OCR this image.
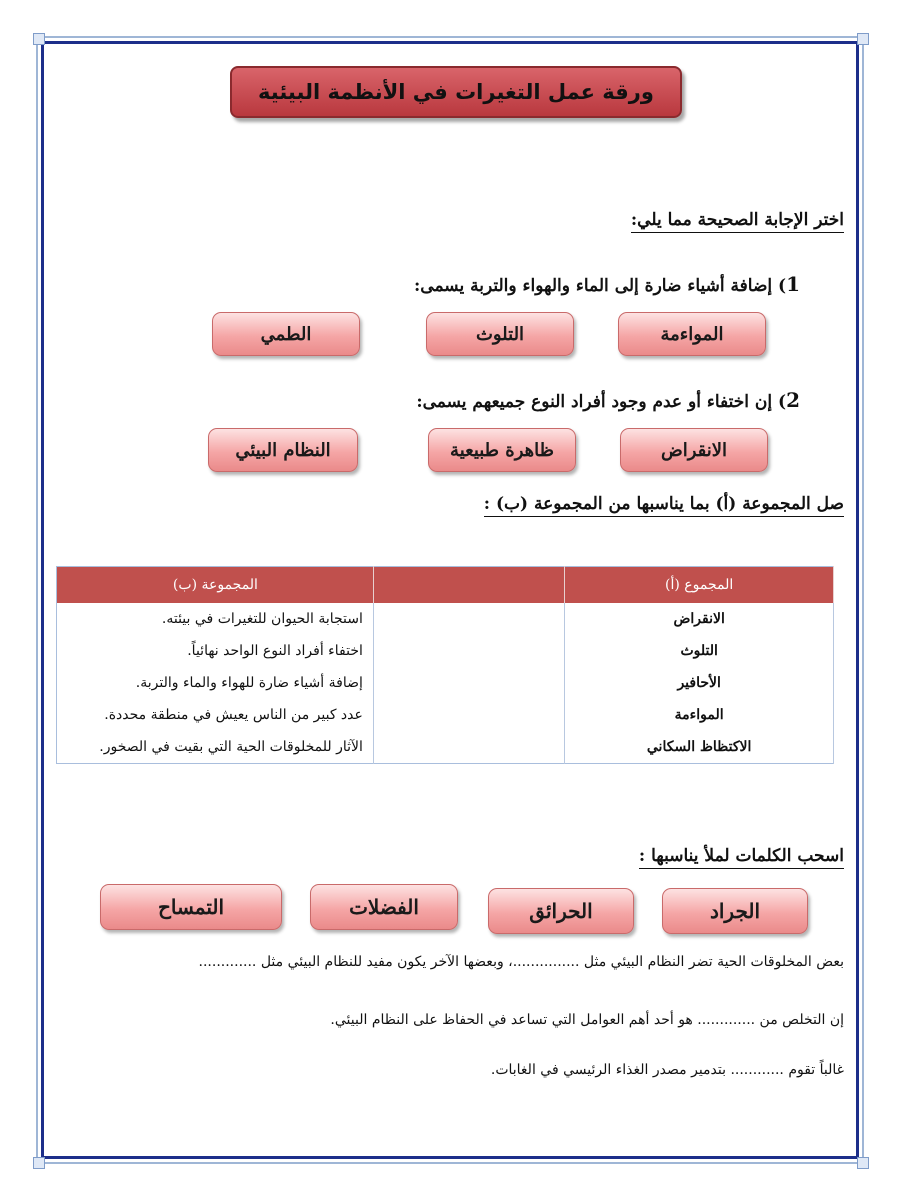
ورقة عمل التغيرات في الأنظمة البيئية
اختر الإجابة الصحيحة مما يلي:
1) إضافة أشياء ضارة إلى الماء والهواء والتربة يسمى:
المواءمة
التلوث
الطمي
2) إن اختفاء أو عدم وجود أفراد النوع جميعهم يسمى:
الانقراض
ظاهرة طبيعية
النظام البيئي
صل المجموعة (أ) بما يناسبها من المجموعة (ب) :
المجموع (أ)		المجموعة (ب)
الانقراض		استجابة الحيوان للتغيرات في بيئته.
التلوث		اختفاء أفراد النوع الواحد نهائياً.
الأحافير		إضافة أشياء ضارة للهواء والماء والتربة.
المواءمة		عدد كبير من الناس يعيش في منطقة محددة.
الاكتظاظ السكاني		الآثار للمخلوقات الحية التي بقيت في الصخور.
اسحب الكلمات لملأ يناسبها :
الجراد
الحرائق
الفضلات
التمساح
بعض المخلوقات الحية تضر النظام البيئي مثل ...............، وبعضها الآخر يكون مفيد للنظام البيئي مثل .............
إن التخلص من ............. هو أحد أهم العوامل التي تساعد في الحفاظ على النظام البيئي.
غالباً تقوم ............ بتدمير مصدر الغذاء الرئيسي في الغابات.
